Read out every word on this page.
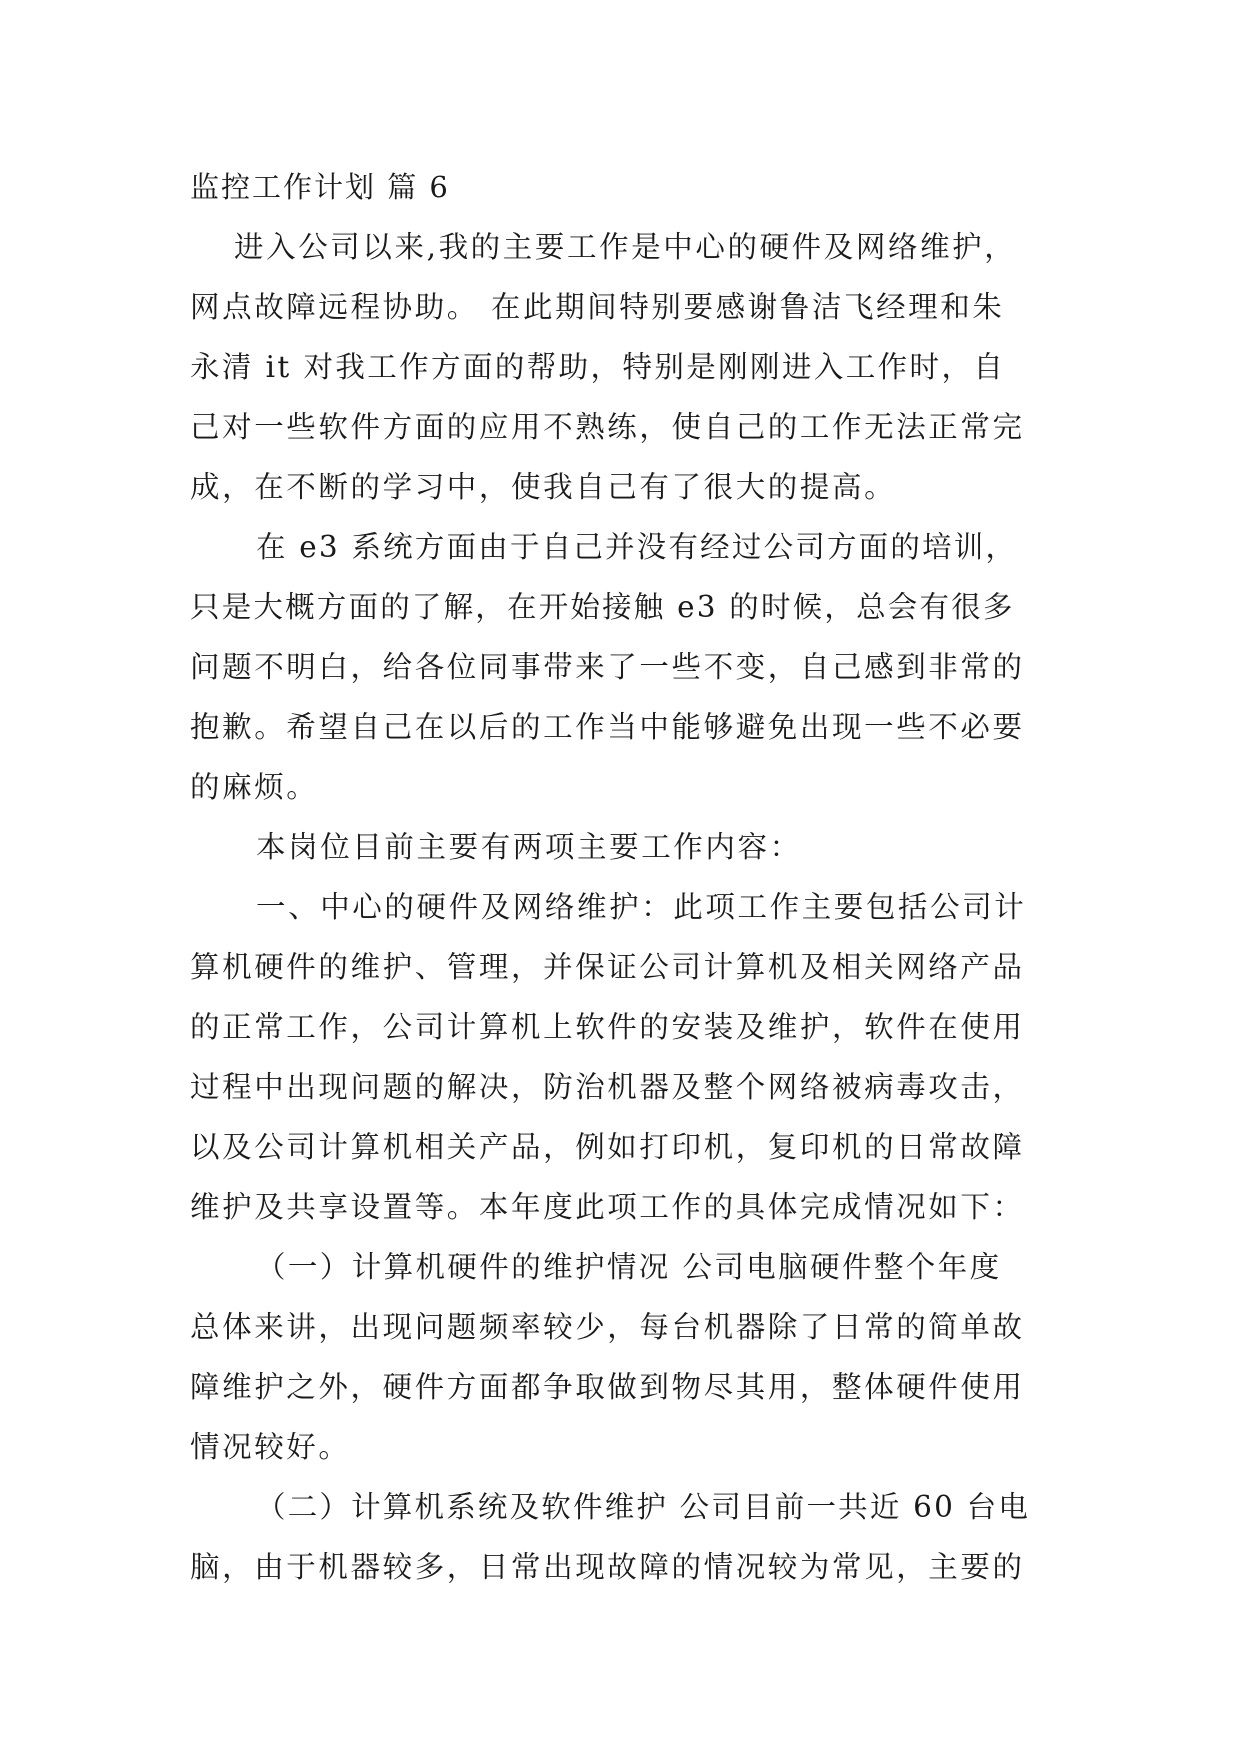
监控工作计划 篇 6
进入公司以来,我的主要工作是中心的硬件及网络维护，
网点故障远程协助。 在此期间特别要感谢鲁洁飞经理和朱
永清 it 对我工作方面的帮助，特别是刚刚进入工作时，自
己对一些软件方面的应用不熟练，使自己的工作无法正常完
成，在不断的学习中，使我自己有了很大的提高。
在 e3 系统方面由于自己并没有经过公司方面的培训，
只是大概方面的了解，在开始接触 e3 的时候，总会有很多
问题不明白，给各位同事带来了一些不变，自己感到非常的
抱歉。希望自己在以后的工作当中能够避免出现一些不必要
的麻烦。
本岗位目前主要有两项主要工作内容：
一、中心的硬件及网络维护：此项工作主要包括公司计
算机硬件的维护、管理，并保证公司计算机及相关网络产品
的正常工作，公司计算机上软件的安装及维护，软件在使用
过程中出现问题的解决，防治机器及整个网络被病毒攻击，
以及公司计算机相关产品，例如打印机，复印机的日常故障
维护及共享设置等。本年度此项工作的具体完成情况如下：
（一）计算机硬件的维护情况 公司电脑硬件整个年度
总体来讲，出现问题频率较少，每台机器除了日常的简单故
障维护之外，硬件方面都争取做到物尽其用，整体硬件使用
情况较好。
（二）计算机系统及软件维护 公司目前一共近 60 台电
脑，由于机器较多，日常出现故障的情况较为常见，主要的
